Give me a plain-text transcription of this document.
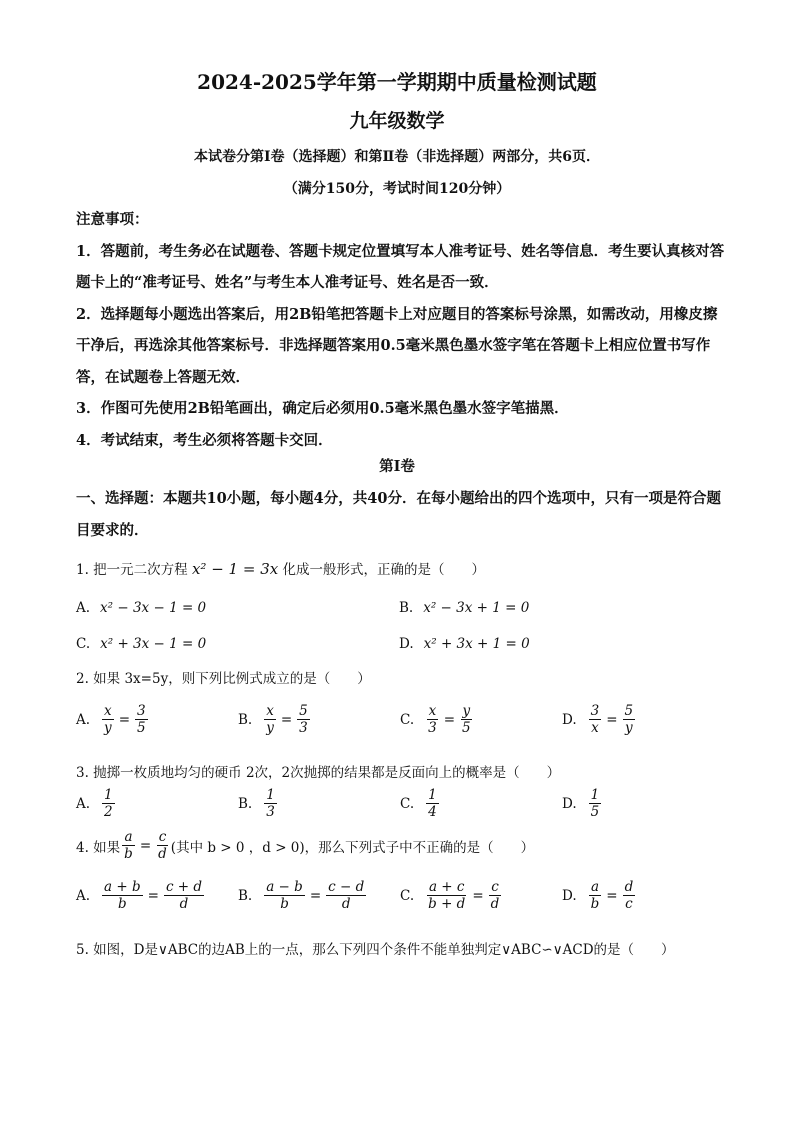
2024-2025学年第一学期期中质量检测试题
九年级数学
本试卷分第Ⅰ卷（选择题）和第Ⅱ卷（非选择题）两部分，共6页．
（满分150分，考试时间120分钟）
注意事项：
1．答题前，考生务必在试题卷、答题卡规定位置填写本人准考证号、姓名等信息．考生要认真核对答题卡上的“准考证号、姓名”与考生本人准考证号、姓名是否一致．
2．选择题每小题选出答案后，用2B铅笔把答题卡上对应题目的答案标号涂黑，如需改动，用橡皮擦干净后，再选涂其他答案标号．非选择题答案用0.5毫米黑色墨水签字笔在答题卡上相应位置书写作答，在试题卷上答题无效．
3．作图可先使用2B铅笔画出，确定后必须用0.5毫米黑色墨水签字笔描黑．
4．考试结束，考生必须将答题卡交回．
第Ⅰ卷
一、选择题：本题共10小题，每小题4分，共40分．在每小题给出的四个选项中，只有一项是符合题目要求的．
1. 把一元二次方程 x² − 1 = 3x 化成一般形式，正确的是（　　）
A. x² − 3x − 1 = 0	B. x² − 3x + 1 = 0
C. x² + 3x − 1 = 0	D. x² + 3x + 1 = 0
2. 如果 3x=5y，则下列比例式成立的是（　　）
A. $\frac{x}{y} = \frac{3}{5}$	B. $\frac{x}{y} = \frac{5}{3}$	C. $\frac{x}{3} = \frac{y}{5}$	D. $\frac{3}{x} = \frac{5}{y}$
3. 抛掷一枚质地均匀的硬币 2次，2次抛掷的结果都是反面向上的概率是（　　）
A. $\frac{1}{2}$	B. $\frac{1}{3}$	C. $\frac{1}{4}$	D. $\frac{1}{5}$
4. 如果 $\frac{a}{b} = \frac{c}{d}$ (其中 b > 0 ，d > 0)，那么下列式子中不正确的是（　　）
A. $\frac{a + b}{b} = \frac{c + d}{d}$	B. $\frac{a - b}{b} = \frac{c - d}{d}$	C. $\frac{a + c}{b + d} = \frac{c}{d}$	D. $\frac{a}{b} = \frac{d}{c}$
5. 如图，D是∨ABC的边AB上的一点，那么下列四个条件不能单独判定∨ABC∽∨ACD的是（　　）
